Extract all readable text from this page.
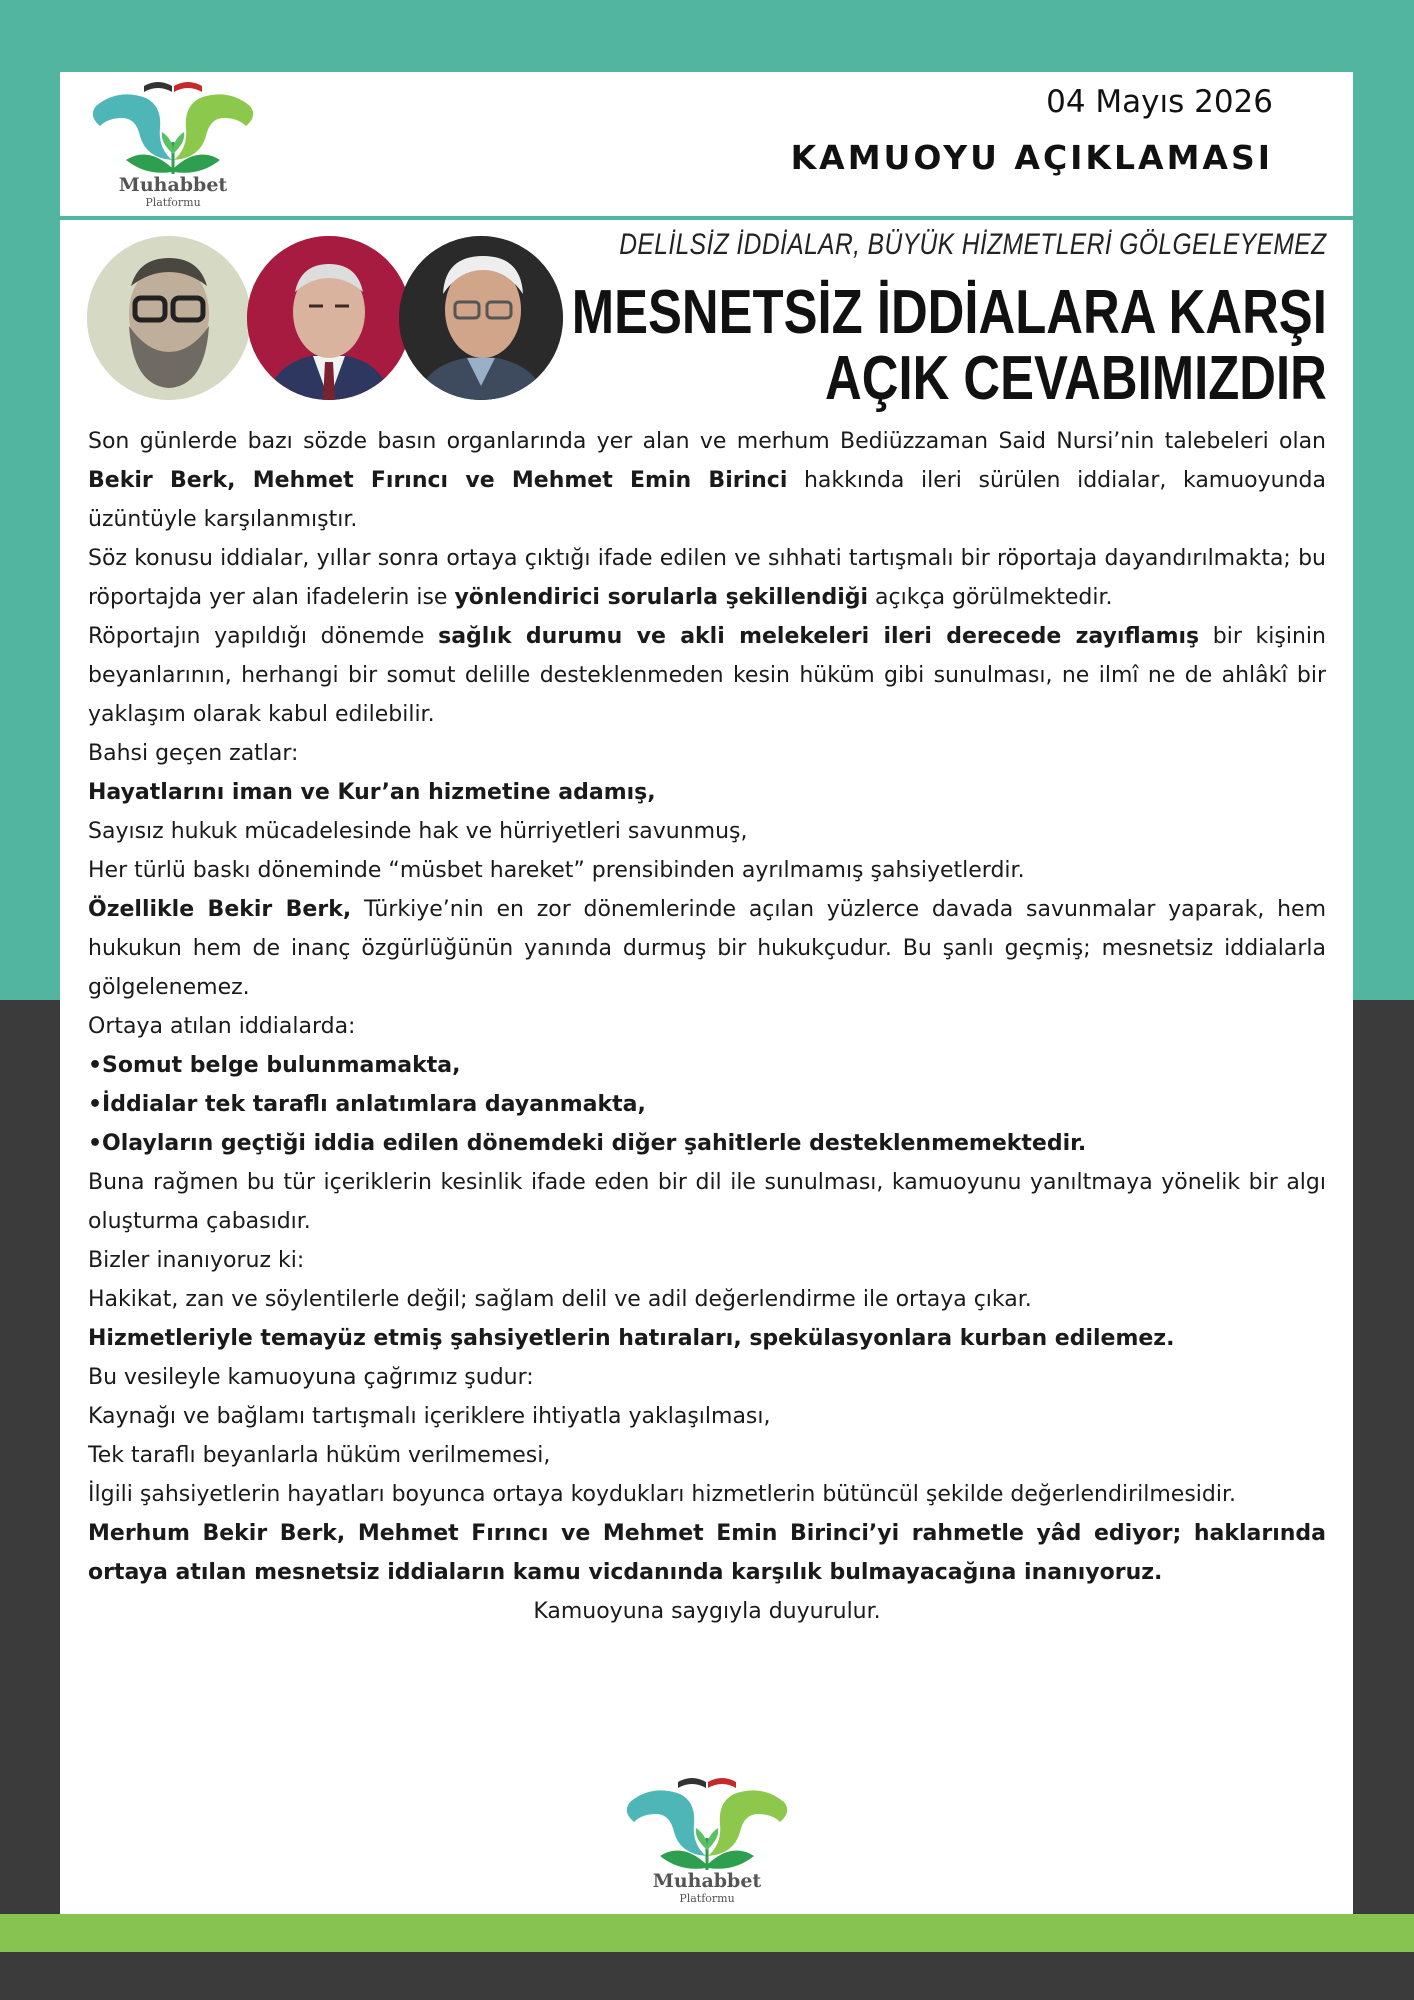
Muhabbet
Platformu
04 Mayıs 2026
KAMUOYU AÇIKLAMASI
DELİLSİZ İDDİALAR, BÜYÜK HİZMETLERİ GÖLGELEYEMEZ
MESNETSİZ İDDİALARA KARŞI
AÇIK CEVABIMIZDIR

Son günlerde bazı sözde basın organlarında yer alan ve merhum Bediüzzaman Said Nursi’nin talebeleri olan Bekir Berk, Mehmet Fırıncı ve Mehmet Emin Birinci hakkında ileri sürülen iddialar, kamuoyunda üzüntüyle karşılanmıştır.

Söz konusu iddialar, yıllar sonra ortaya çıktığı ifade edilen ve sıhhati tartışmalı bir röportaja dayandırılmakta; bu röportajda yer alan ifadelerin ise yönlendirici sorularla şekillendiği açıkça görülmektedir.

Röportajın yapıldığı dönemde sağlık durumu ve akli melekeleri ileri derecede zayıflamış bir kişinin beyanlarının, herhangi bir somut delille desteklenmeden kesin hüküm gibi sunulması, ne ilmî ne de ahlâkî bir yaklaşım olarak kabul edilebilir.

Bahsi geçen zatlar:

Hayatlarını iman ve Kur’an hizmetine adamış,

Sayısız hukuk mücadelesinde hak ve hürriyetleri savunmuş,

Her türlü baskı döneminde “müsbet hareket” prensibinden ayrılmamış şahsiyetlerdir.

Özellikle Bekir Berk, Türkiye’nin en zor dönemlerinde açılan yüzlerce davada savunmalar yaparak, hem hukukun hem de inanç özgürlüğünün yanında durmuş bir hukukçudur. Bu şanlı geçmiş; mesnetsiz iddialarla gölgelenemez.

Ortaya atılan iddialarda:

•Somut belge bulunmamakta,

•İddialar tek taraflı anlatımlara dayanmakta,

•Olayların geçtiği iddia edilen dönemdeki diğer şahitlerle desteklenmemektedir.

Buna rağmen bu tür içeriklerin kesinlik ifade eden bir dil ile sunulması, kamuoyunu yanıltmaya yönelik bir algı oluşturma çabasıdır.

Bizler inanıyoruz ki:

Hakikat, zan ve söylentilerle değil; sağlam delil ve adil değerlendirme ile ortaya çıkar.

Hizmetleriyle temayüz etmiş şahsiyetlerin hatıraları, spekülasyonlara kurban edilemez.

Bu vesileyle kamuoyuna çağrımız şudur:

Kaynağı ve bağlamı tartışmalı içeriklere ihtiyatla yaklaşılması,

Tek taraflı beyanlarla hüküm verilmemesi,

İlgili şahsiyetlerin hayatları boyunca ortaya koydukları hizmetlerin bütüncül şekilde değerlendirilmesidir.

Merhum Bekir Berk, Mehmet Fırıncı ve Mehmet Emin Birinci’yi rahmetle yâd ediyor; haklarında ortaya atılan mesnetsiz iddiaların kamu vicdanında karşılık bulmayacağına inanıyoruz.

Kamuoyuna saygıyla duyurulur.

Muhabbet
Platformu
